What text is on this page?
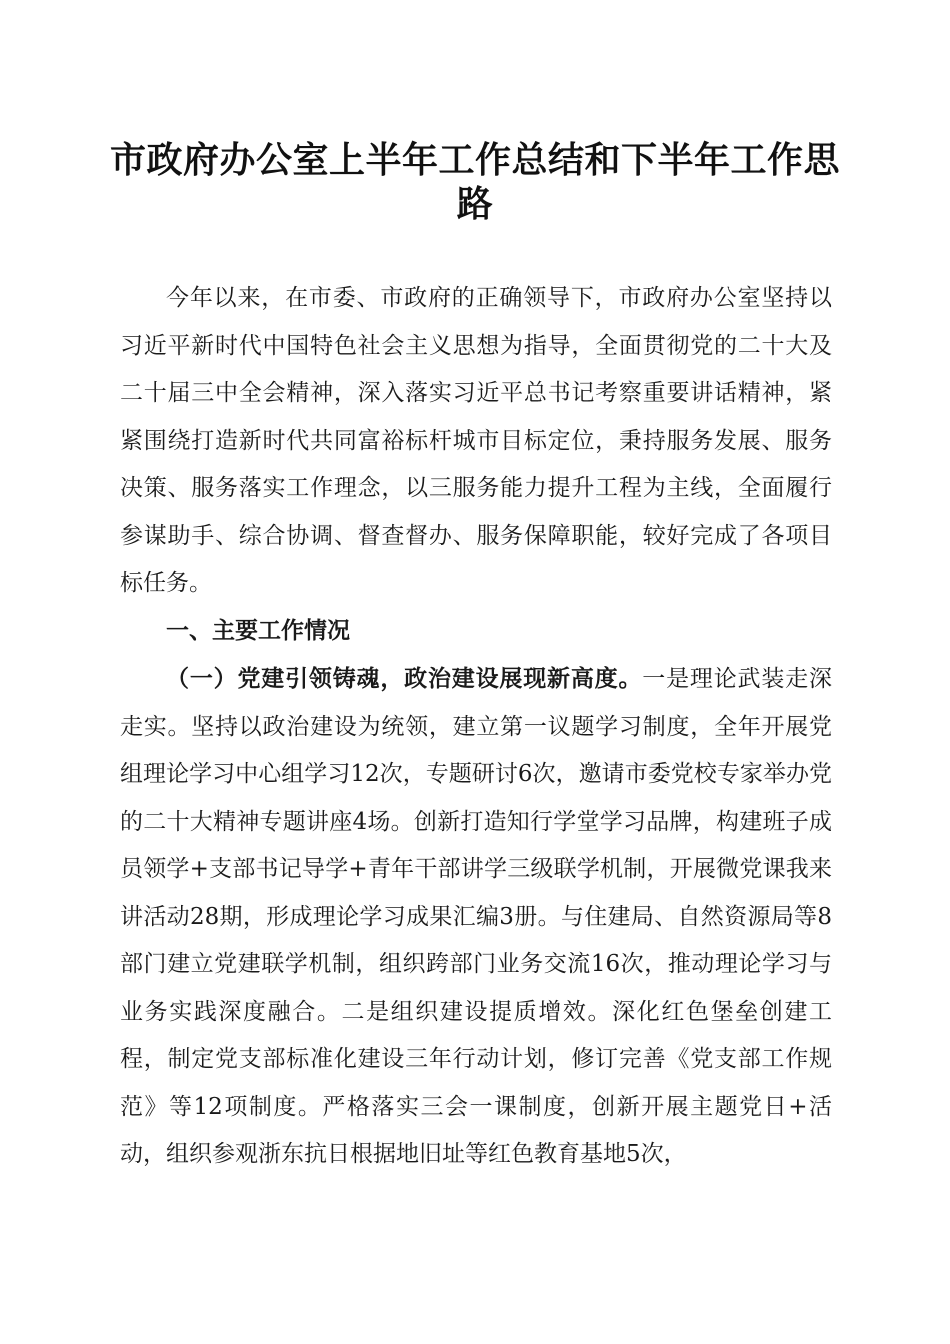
市政府办公室上半年工作总结和下半年工作思路

今年以来，在市委、市政府的正确领导下，市政府办公室坚持以习近平新时代中国特色社会主义思想为指导，全面贯彻党的二十大及二十届三中全会精神，深入落实习近平总书记考察重要讲话精神，紧紧围绕打造新时代共同富裕标杆城市目标定位，秉持服务发展、服务决策、服务落实工作理念，以三服务能力提升工程为主线，全面履行参谋助手、综合协调、督查督办、服务保障职能，较好完成了各项目标任务。

一、主要工作情况

（一）党建引领铸魂，政治建设展现新高度。一是理论武装走深走实。坚持以政治建设为统领，建立第一议题学习制度，全年开展党组理论学习中心组学习12次，专题研讨6次，邀请市委党校专家举办党的二十大精神专题讲座4场。创新打造知行学堂学习品牌，构建班子成员领学+支部书记导学+青年干部讲学三级联学机制，开展微党课我来讲活动28期，形成理论学习成果汇编3册。与住建局、自然资源局等8部门建立党建联学机制，组织跨部门业务交流16次，推动理论学习与业务实践深度融合。二是组织建设提质增效。深化红色堡垒创建工程，制定党支部标准化建设三年行动计划，修订完善《党支部工作规范》等12项制度。严格落实三会一课制度，创新开展主题党日+活动，组织参观浙东抗日根据地旧址等红色教育基地5次，
